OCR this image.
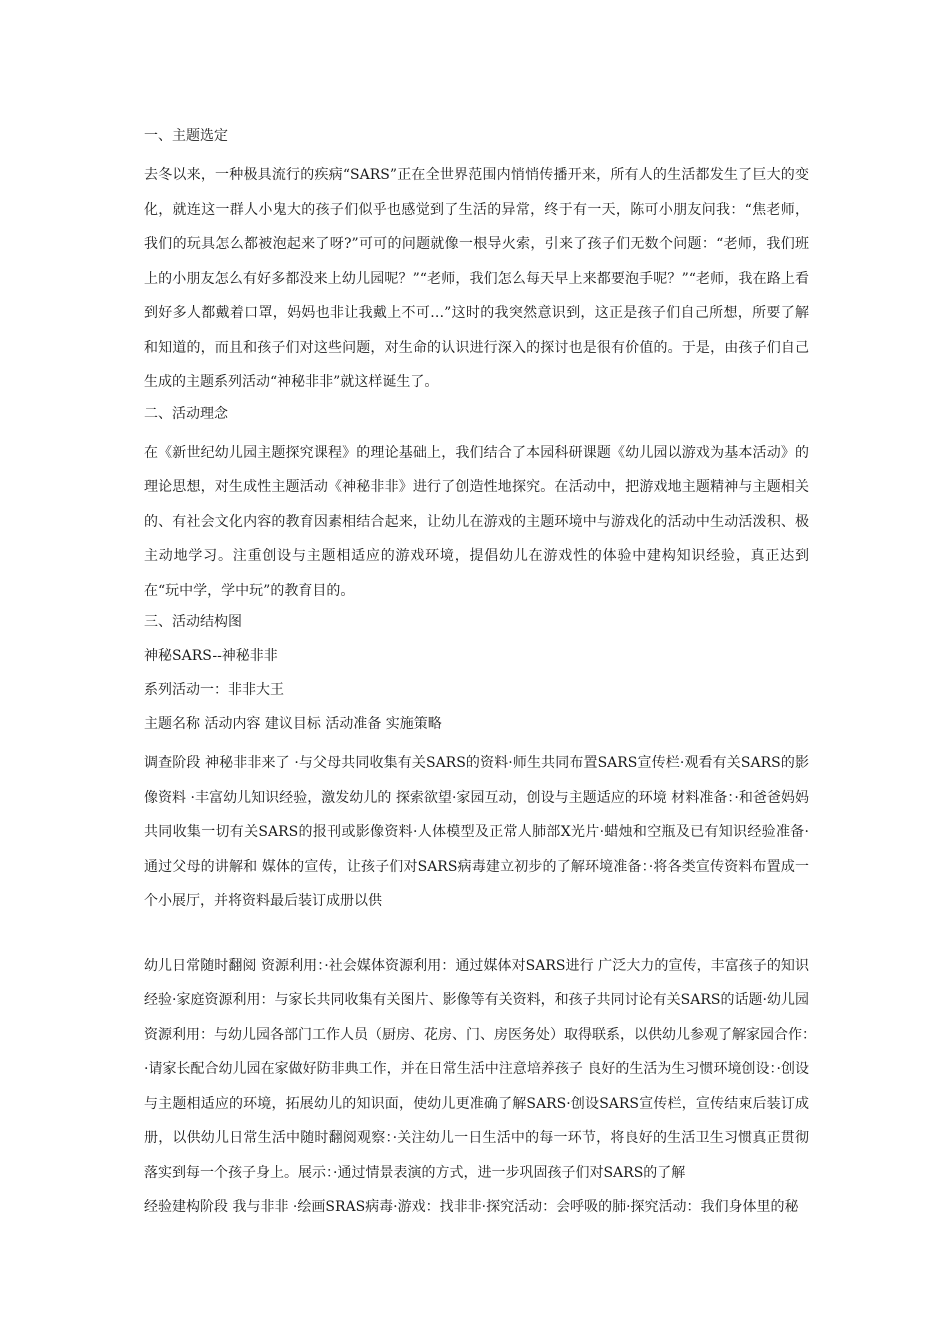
一、主题选定

去冬以来，一种极具流行的疾病“SARS”正在全世界范围内悄悄传播开来，所有人的生活都发生了巨大的变化，就连这一群人小鬼大的孩子们似乎也感觉到了生活的异常，终于有一天，陈可小朋友问我：“焦老师，我们的玩具怎么都被泡起来了呀?”可可的问题就像一根导火索，引来了孩子们无数个问题：“老师，我们班上的小朋友怎么有好多都没来上幼儿园呢？”“老师，我们怎么每天早上来都要泡手呢？”“老师，我在路上看到好多人都戴着口罩，妈妈也非让我戴上不可…”这时的我突然意识到，这正是孩子们自己所想，所要了解和知道的，而且和孩子们对这些问题，对生命的认识进行深入的探讨也是很有价值的。于是，由孩子们自己生成的主题系列活动“神秘非非”就这样诞生了。

二、活动理念

在《新世纪幼儿园主题探究课程》的理论基础上，我们结合了本园科研课题《幼儿园以游戏为基本活动》的理论思想，对生成性主题活动《神秘非非》进行了创造性地探究。在活动中，把游戏地主题精神与主题相关的、有社会文化内容的教育因素相结合起来，让幼儿在游戏的主题环境中与游戏化的活动中生动活泼积、极主动地学习。注重创设与主题相适应的游戏环境，提倡幼儿在游戏性的体验中建构知识经验，真正达到在“玩中学，学中玩”的教育目的。

三、活动结构图

神秘SARS--神秘非非

系列活动一：非非大王

主题名称 活动内容 建议目标 活动准备 实施策略

调查阶段 神秘非非来了 ·与父母共同收集有关SARS的资料·师生共同布置SARS宣传栏·观看有关SARS的影像资料 ·丰富幼儿知识经验，激发幼儿的 探索欲望·家园互动，创设与主题适应的环境 材料准备：·和爸爸妈妈共同收集一切有关SARS的报刊或影像资料·人体模型及正常人肺部X光片·蜡烛和空瓶及已有知识经验准备·通过父母的讲解和 媒体的宣传，让孩子们对SARS病毒建立初步的了解环境准备：·将各类宣传资料布置成一个小展厅，并将资料最后装订成册以供

幼儿日常随时翻阅 资源利用：·社会媒体资源利用：通过媒体对SARS进行 广泛大力的宣传，丰富孩子的知识经验·家庭资源利用：与家长共同收集有关图片、影像等有关资料，和孩子共同讨论有关SARS的话题·幼儿园资源利用：与幼儿园各部门工作人员（厨房、花房、门、房医务处）取得联系，以供幼儿参观了解家园合作：·请家长配合幼儿园在家做好防非典工作，并在日常生活中注意培养孩子 良好的生活为生习惯环境创设：·创设与主题相适应的环境，拓展幼儿的知识面，使幼儿更准确了解SARS·创设SARS宣传栏，宣传结束后装订成册，以供幼儿日常生活中随时翻阅观察：·关注幼儿一日生活中的每一环节，将良好的生活卫生习惯真正贯彻落实到每一个孩子身上。展示：·通过情景表演的方式，进一步巩固孩子们对SARS的了解

经验建构阶段 我与非非 ·绘画SRAS病毒·游戏：找非非·探究活动：会呼吸的肺·探究活动：我们身体里的秘
